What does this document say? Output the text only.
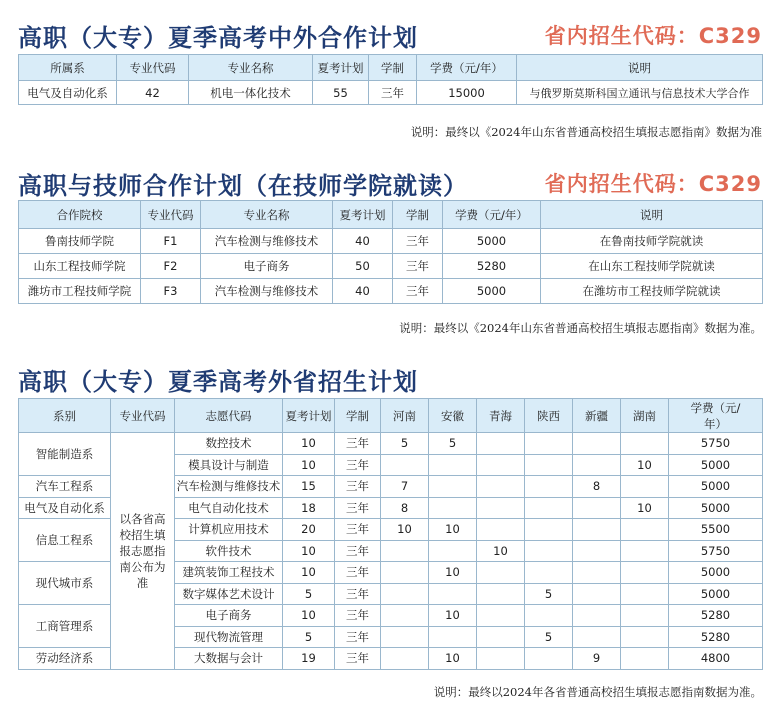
高职（大专）夏季高考中外合作计划	省内招生代码：C329
所属系	专业代码	专业名称	夏考计划	学制	学费（元/年）	说明
电气及自动化系	42	机电一体化技术	55	三年	15000	与俄罗斯莫斯科国立通讯与信息技术大学合作
说明：最终以《2024年山东省普通高校招生填报志愿指南》数据为准
高职与技师合作计划（在技师学院就读）	省内招生代码：C329
合作院校	专业代码	专业名称	夏考计划	学制	学费（元/年）	说明
鲁南技师学院	F1	汽车检测与维修技术	40	三年	5000	在鲁南技师学院就读
山东工程技师学院	F2	电子商务	50	三年	5280	在山东工程技师学院就读
潍坊市工程技师学院	F3	汽车检测与维修技术	40	三年	5000	在潍坊市工程技师学院就读
说明：最终以《2024年山东省普通高校招生填报志愿指南》数据为准。
高职（大专）夏季高考外省招生计划
系别	专业代码	志愿代码	夏考计划	学制	河南	安徽	青海	陕西	新疆	湖南	学费（元/年）
智能制造系	以各省高校招生填报志愿指南公布为准	数控技术	10	三年	5	5					5750
		模具设计与制造	10	三年						10	5000
汽车工程系		汽车检测与维修技术	15	三年	7				8		5000
电气及自动化系		电气自动化技术	18	三年	8					10	5000
信息工程系		计算机应用技术	20	三年	10	10					5500
		软件技术	10	三年			10				5750
现代城市系		建筑装饰工程技术	10	三年		10					5000
		数字媒体艺术设计	5	三年				5			5000
工商管理系		电子商务	10	三年		10					5280
		现代物流管理	5	三年				5			5280
劳动经济系		大数据与会计	19	三年		10			9		4800
说明：最终以2024年各省普通高校招生填报志愿指南数据为准。
